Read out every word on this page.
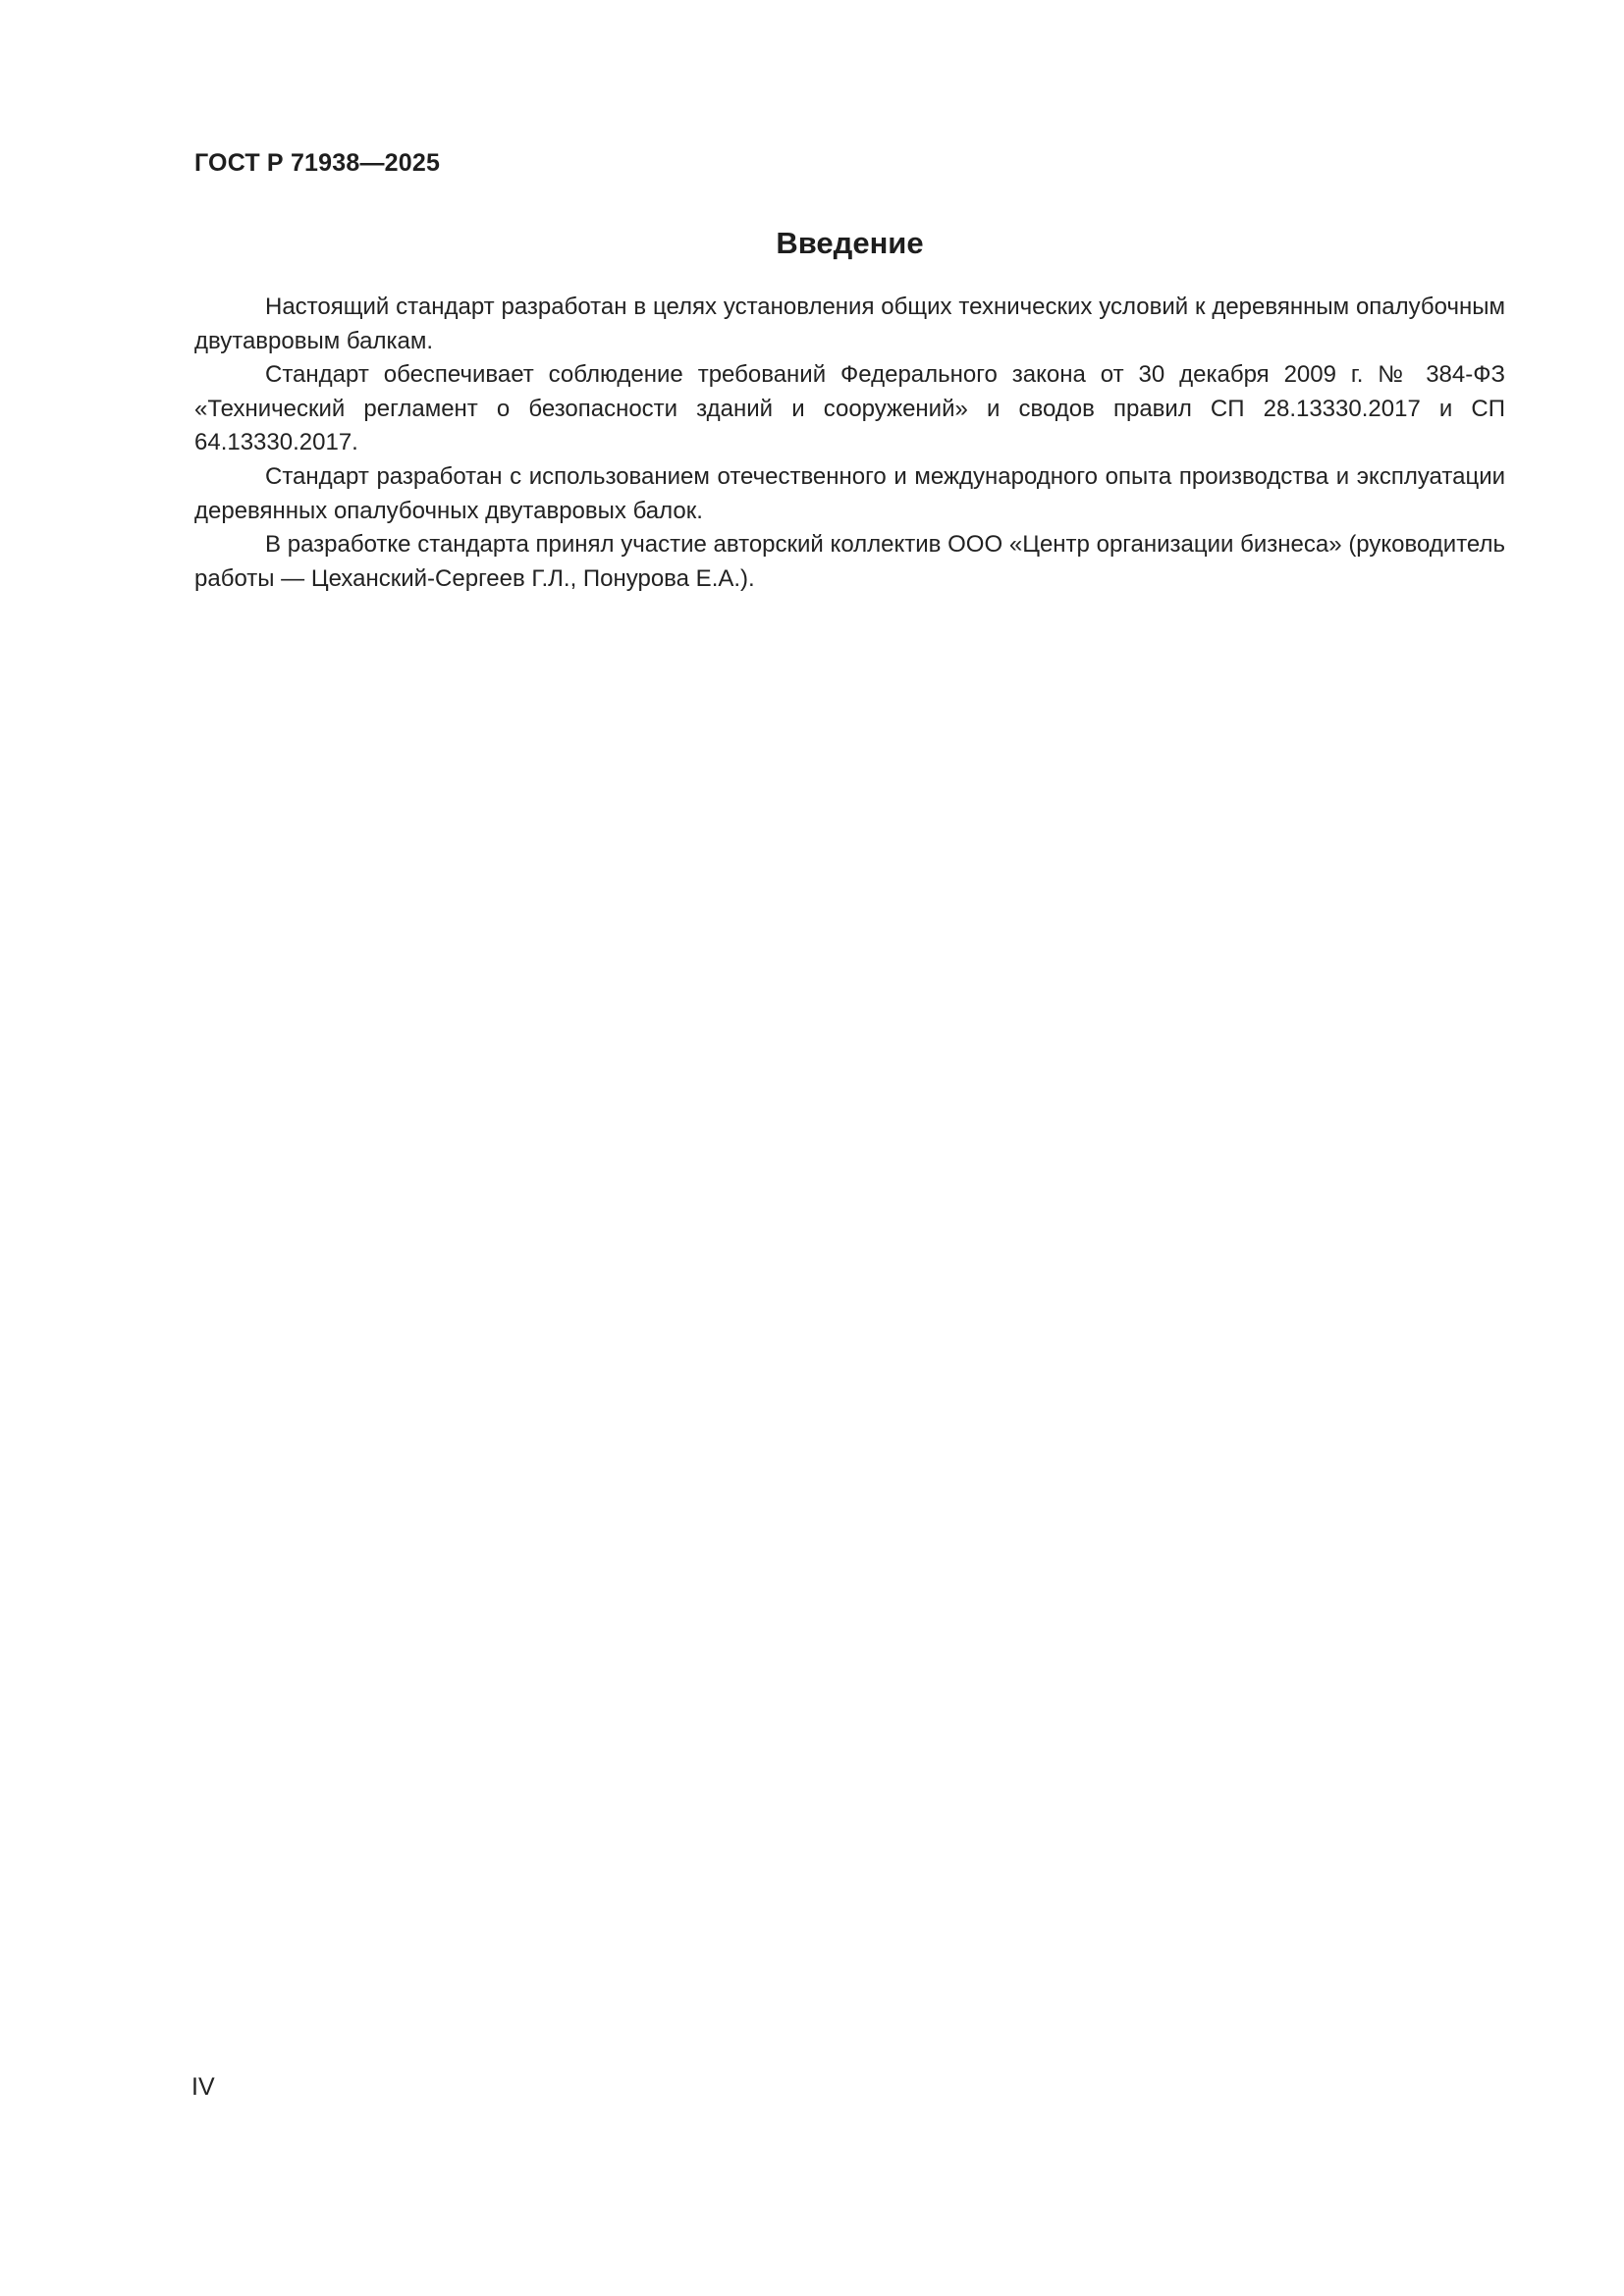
ГОСТ Р 71938—2025
Введение

Настоящий стандарт разработан в целях установления общих технических условий к деревянным опалубочным двутавровым балкам.

Стандарт обеспечивает соблюдение требований Федерального закона от 30 декабря 2009 г. № 384-ФЗ «Технический регламент о безопасности зданий и сооружений» и сводов правил СП 28.13330.2017 и СП 64.13330.2017.

Стандарт разработан с использованием отечественного и международного опыта производства и эксплуатации деревянных опалубочных двутавровых балок.

В разработке стандарта принял участие авторский коллектив ООО «Центр организации бизнеса» (руководитель работы — Цеханский-Сергеев Г.Л., Понурова Е.А.).

IV
